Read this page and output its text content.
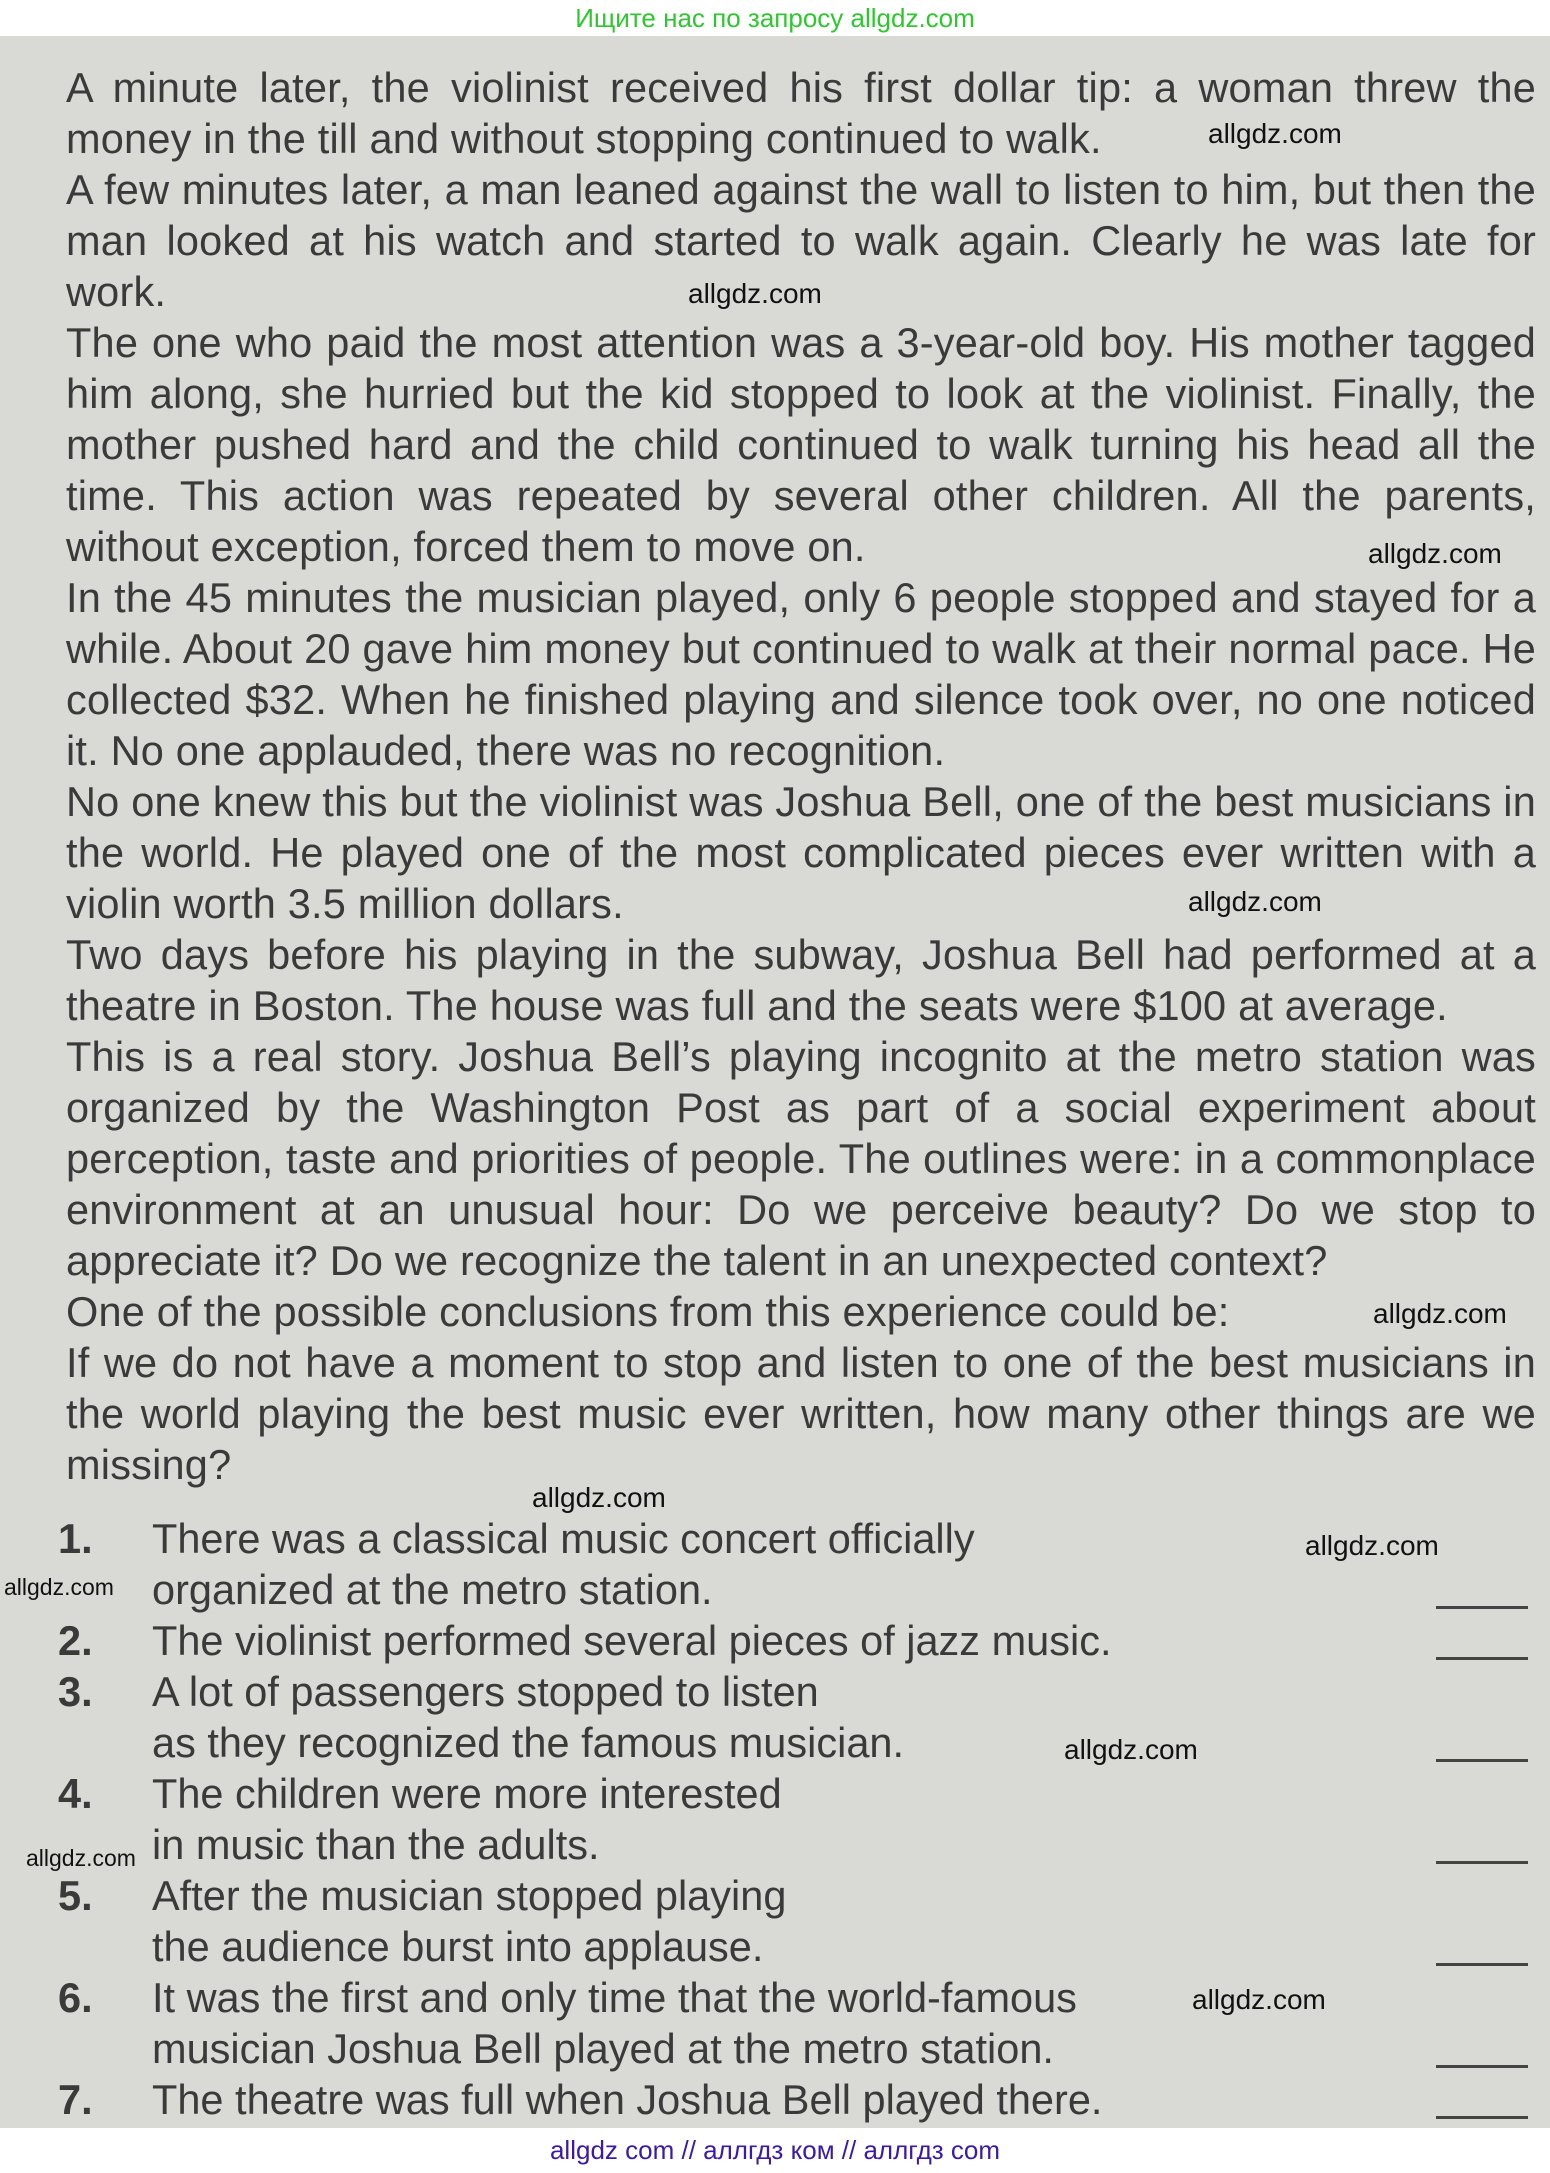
Ищите нас по запросу allgdz.com

A minute later, the violinist received his first dollar tip: a woman threw the money in the till and without stopping continued to walk.

A few minutes later, a man leaned against the wall to listen to him, but then the man looked at his watch and started to walk again. Clearly he was late for work.

The one who paid the most attention was a 3-year-old boy. His mother tagged him along, she hurried but the kid stopped to look at the violinist. Finally, the mother pushed hard and the child continued to walk turning his head all the time. This action was repeated by several other children. All the parents, without exception, forced them to move on.

In the 45 minutes the musician played, only 6 people stopped and stayed for a while. About 20 gave him money but continued to walk at their normal pace. He collected $32. When he finished playing and silence took over, no one noticed it. No one applauded, there was no recognition.

No one knew this but the violinist was Joshua Bell, one of the best musicians in the world. He played one of the most complicated pieces ever written with a violin worth 3.5 million dollars.

Two days before his playing in the subway, Joshua Bell had performed at a theatre in Boston. The house was full and the seats were $100 at average.

This is a real story. Joshua Bell’s playing incognito at the metro station was organized by the Washington Post as part of a social experiment about perception, taste and priorities of people. The outlines were: in a commonplace environment at an unusual hour: Do we perceive beauty? Do we stop to appreciate it? Do we recognize the talent in an unexpected context?

One of the possible conclusions from this experience could be:

If we do not have a moment to stop and listen to one of the best musicians in the world playing the best music ever written, how many other things are we missing?

1.	There was a classical music concert officially
organized at the metro station.
2.	The violinist performed several pieces of jazz music.
3.	A lot of passengers stopped to listen
as they recognized the famous musician.
4.	The children were more interested
in music than the adults.
5.	After the musician stopped playing
the audience burst into applause.
6.	It was the first and only time that the world-famous
musician Joshua Bell played at the metro station.
7.	The theatre was full when Joshua Bell played there.
allgdz.com
allgdz.com
allgdz.com
allgdz.com
allgdz.com
allgdz.com
allgdz.com
allgdz.com
allgdz.com
allgdz.com
allgdz.com
allgdz com // аллгдз ком // аллгдз com
